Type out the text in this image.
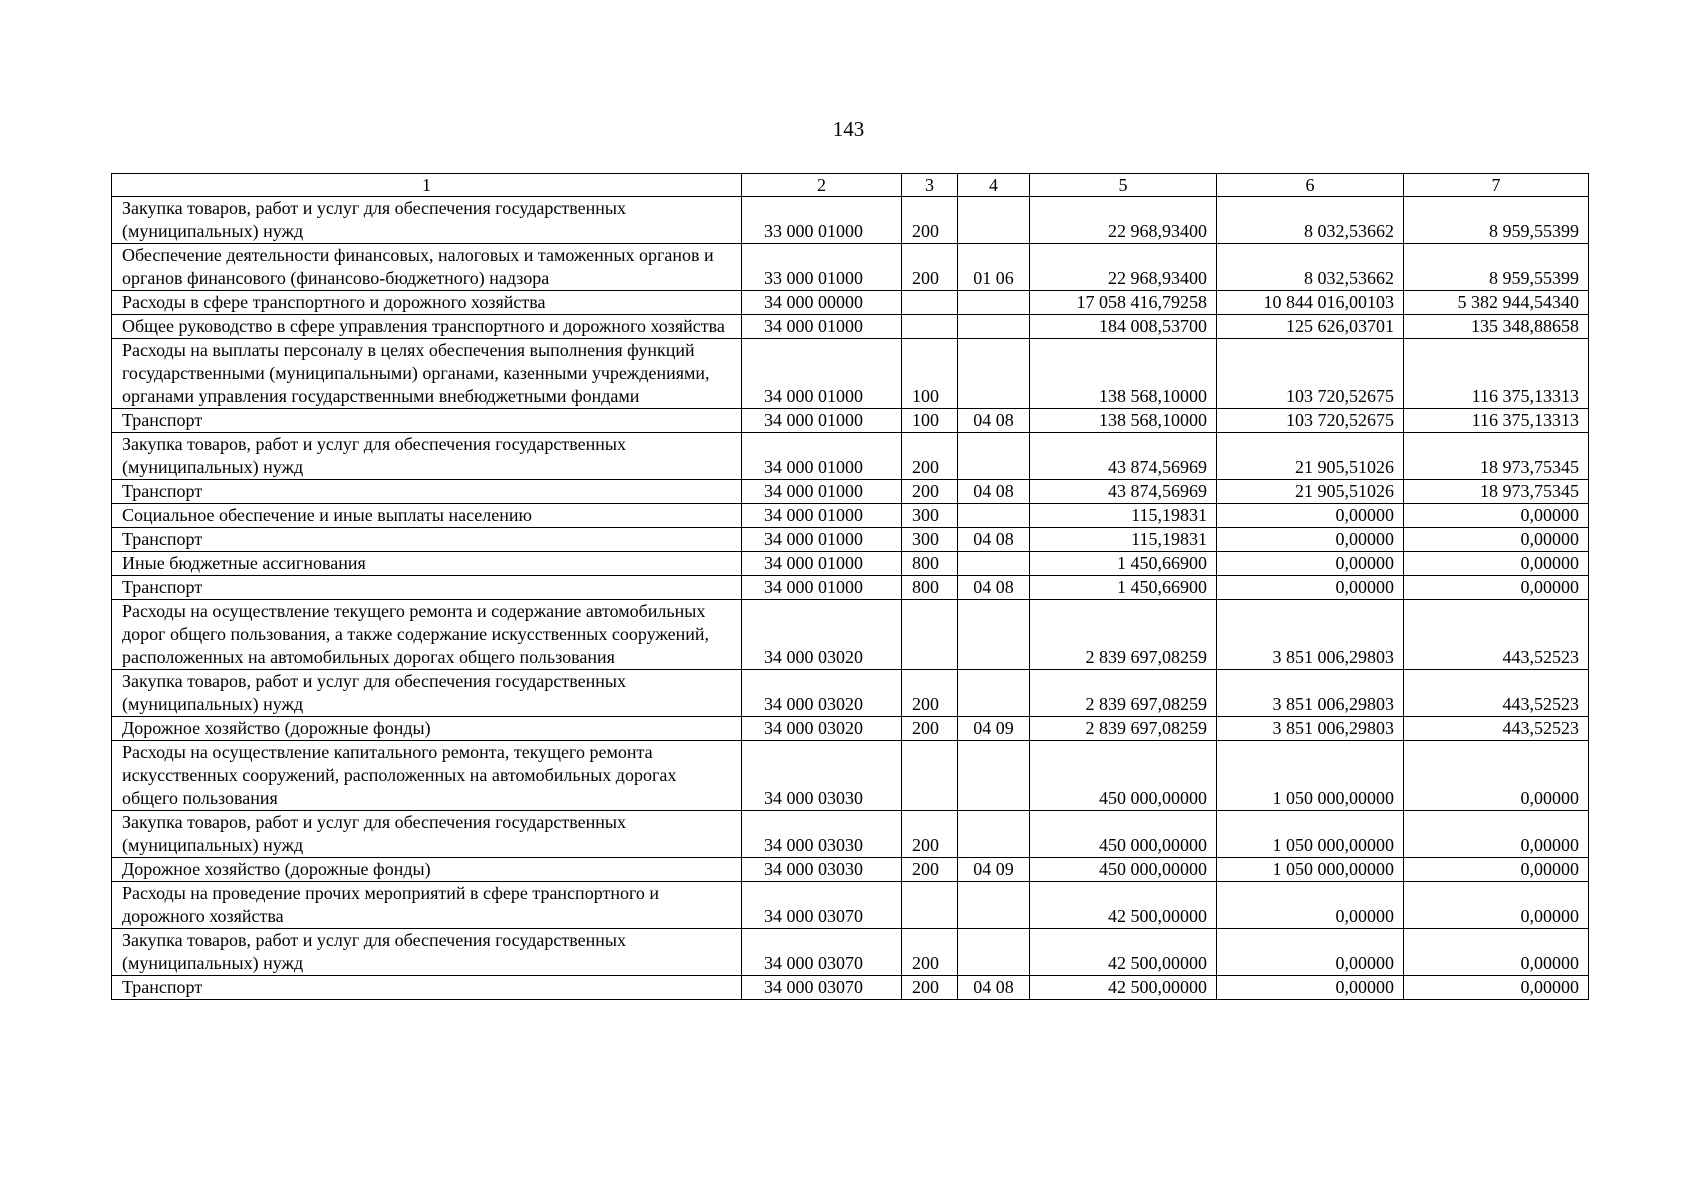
143
1	2	3	4	5	6	7
Закупка товаров, работ и услуг для обеспечения государственных (муниципальных) нужд	33 000 01000	200		22 968,93400	8 032,53662	8 959,55399
Обеспечение деятельности финансовых, налоговых и таможенных органов и органов финансового (финансово-бюджетного) надзора	33 000 01000	200	01 06	22 968,93400	8 032,53662	8 959,55399
Расходы в сфере транспортного и дорожного хозяйства	34 000 00000			17 058 416,79258	10 844 016,00103	5 382 944,54340
Общее руководство в сфере управления транспортного и дорожного хозяйства	34 000 01000			184 008,53700	125 626,03701	135 348,88658
Расходы на выплаты персоналу в целях обеспечения выполнения функций государственными (муниципальными) органами, казенными учреждениями, органами управления государственными внебюджетными фондами	34 000 01000	100		138 568,10000	103 720,52675	116 375,13313
Транспорт	34 000 01000	100	04 08	138 568,10000	103 720,52675	116 375,13313
Закупка товаров, работ и услуг для обеспечения государственных (муниципальных) нужд	34 000 01000	200		43 874,56969	21 905,51026	18 973,75345
Транспорт	34 000 01000	200	04 08	43 874,56969	21 905,51026	18 973,75345
Социальное обеспечение и иные выплаты населению	34 000 01000	300		115,19831	0,00000	0,00000
Транспорт	34 000 01000	300	04 08	115,19831	0,00000	0,00000
Иные бюджетные ассигнования	34 000 01000	800		1 450,66900	0,00000	0,00000
Транспорт	34 000 01000	800	04 08	1 450,66900	0,00000	0,00000
Расходы на осуществление текущего ремонта и содержание автомобильных дорог общего пользования, а также содержание искусственных сооружений, расположенных на автомобильных дорогах общего пользования	34 000 03020			2 839 697,08259	3 851 006,29803	443,52523
Закупка товаров, работ и услуг для обеспечения государственных (муниципальных) нужд	34 000 03020	200		2 839 697,08259	3 851 006,29803	443,52523
Дорожное хозяйство (дорожные фонды)	34 000 03020	200	04 09	2 839 697,08259	3 851 006,29803	443,52523
Расходы на осуществление капитального ремонта, текущего ремонта искусственных сооружений, расположенных на автомобильных дорогах общего пользования	34 000 03030			450 000,00000	1 050 000,00000	0,00000
Закупка товаров, работ и услуг для обеспечения государственных (муниципальных) нужд	34 000 03030	200		450 000,00000	1 050 000,00000	0,00000
Дорожное хозяйство (дорожные фонды)	34 000 03030	200	04 09	450 000,00000	1 050 000,00000	0,00000
Расходы на проведение прочих мероприятий в сфере транспортного и дорожного хозяйства	34 000 03070			42 500,00000	0,00000	0,00000
Закупка товаров, работ и услуг для обеспечения государственных (муниципальных) нужд	34 000 03070	200		42 500,00000	0,00000	0,00000
Транспорт	34 000 03070	200	04 08	42 500,00000	0,00000	0,00000
